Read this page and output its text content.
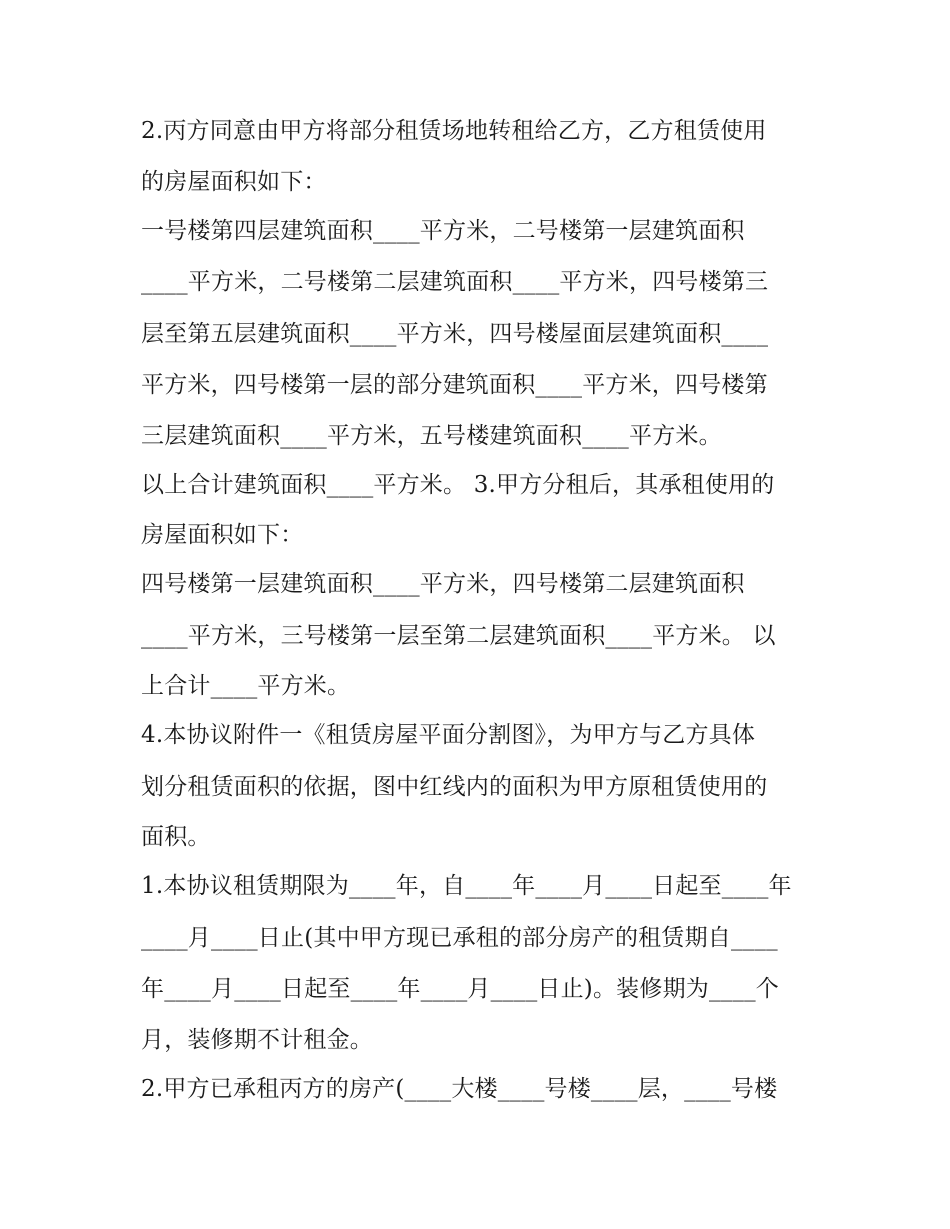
2.丙方同意由甲方将部分租赁场地转租给乙方，乙方租赁使用
的房屋面积如下：

一号楼第四层建筑面积____平方米，二号楼第一层建筑面积
____平方米，二号楼第二层建筑面积____平方米，四号楼第三
层至第五层建筑面积____平方米，四号楼屋面层建筑面积____
平方米，四号楼第一层的部分建筑面积____平方米，四号楼第
三层建筑面积____平方米，五号楼建筑面积____平方米。

以上合计建筑面积____平方米。 3.甲方分租后，其承租使用的
房屋面积如下：

四号楼第一层建筑面积____平方米，四号楼第二层建筑面积
____平方米，三号楼第一层至第二层建筑面积____平方米。 以
上合计____平方米。

4.本协议附件一《租赁房屋平面分割图》，为甲方与乙方具体
划分租赁面积的依据，图中红线内的面积为甲方原租赁使用的
面积。

1.本协议租赁期限为____年，自____年____月____日起至____年
____月____日止(其中甲方现已承租的部分房产的租赁期自____
年____月____日起至____年____月____日止)。装修期为____个
月，装修期不计租金。

2.甲方已承租丙方的房产(____大楼____号楼____层，____号楼
